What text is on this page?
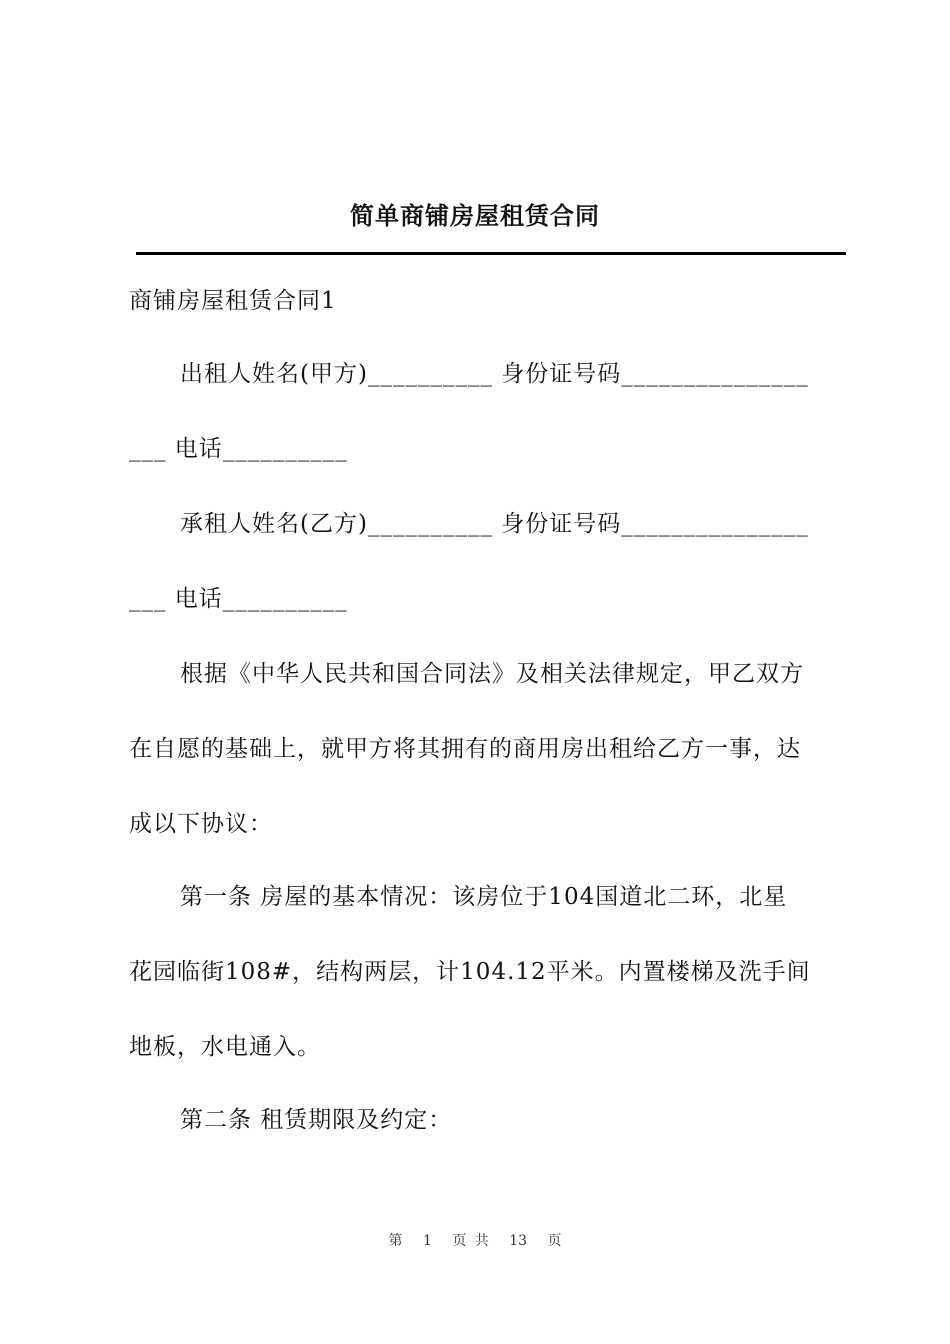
简单商铺房屋租赁合同
商铺房屋租赁合同1
出租人姓名(甲方)__________ 身份证号码_______________
___ 电话__________
承租人姓名(乙方)__________ 身份证号码_______________
___ 电话__________
根据《中华人民共和国合同法》及相关法律规定，甲乙双方
在自愿的基础上，就甲方将其拥有的商用房出租给乙方一事，达
成以下协议：
第一条 房屋的基本情况：该房位于104国道北二环，北星
花园临街108#，结构两层，计104.12平米。内置楼梯及洗手间
地板，水电通入。
第二条 租赁期限及约定：
第 1 页 共 13 页
